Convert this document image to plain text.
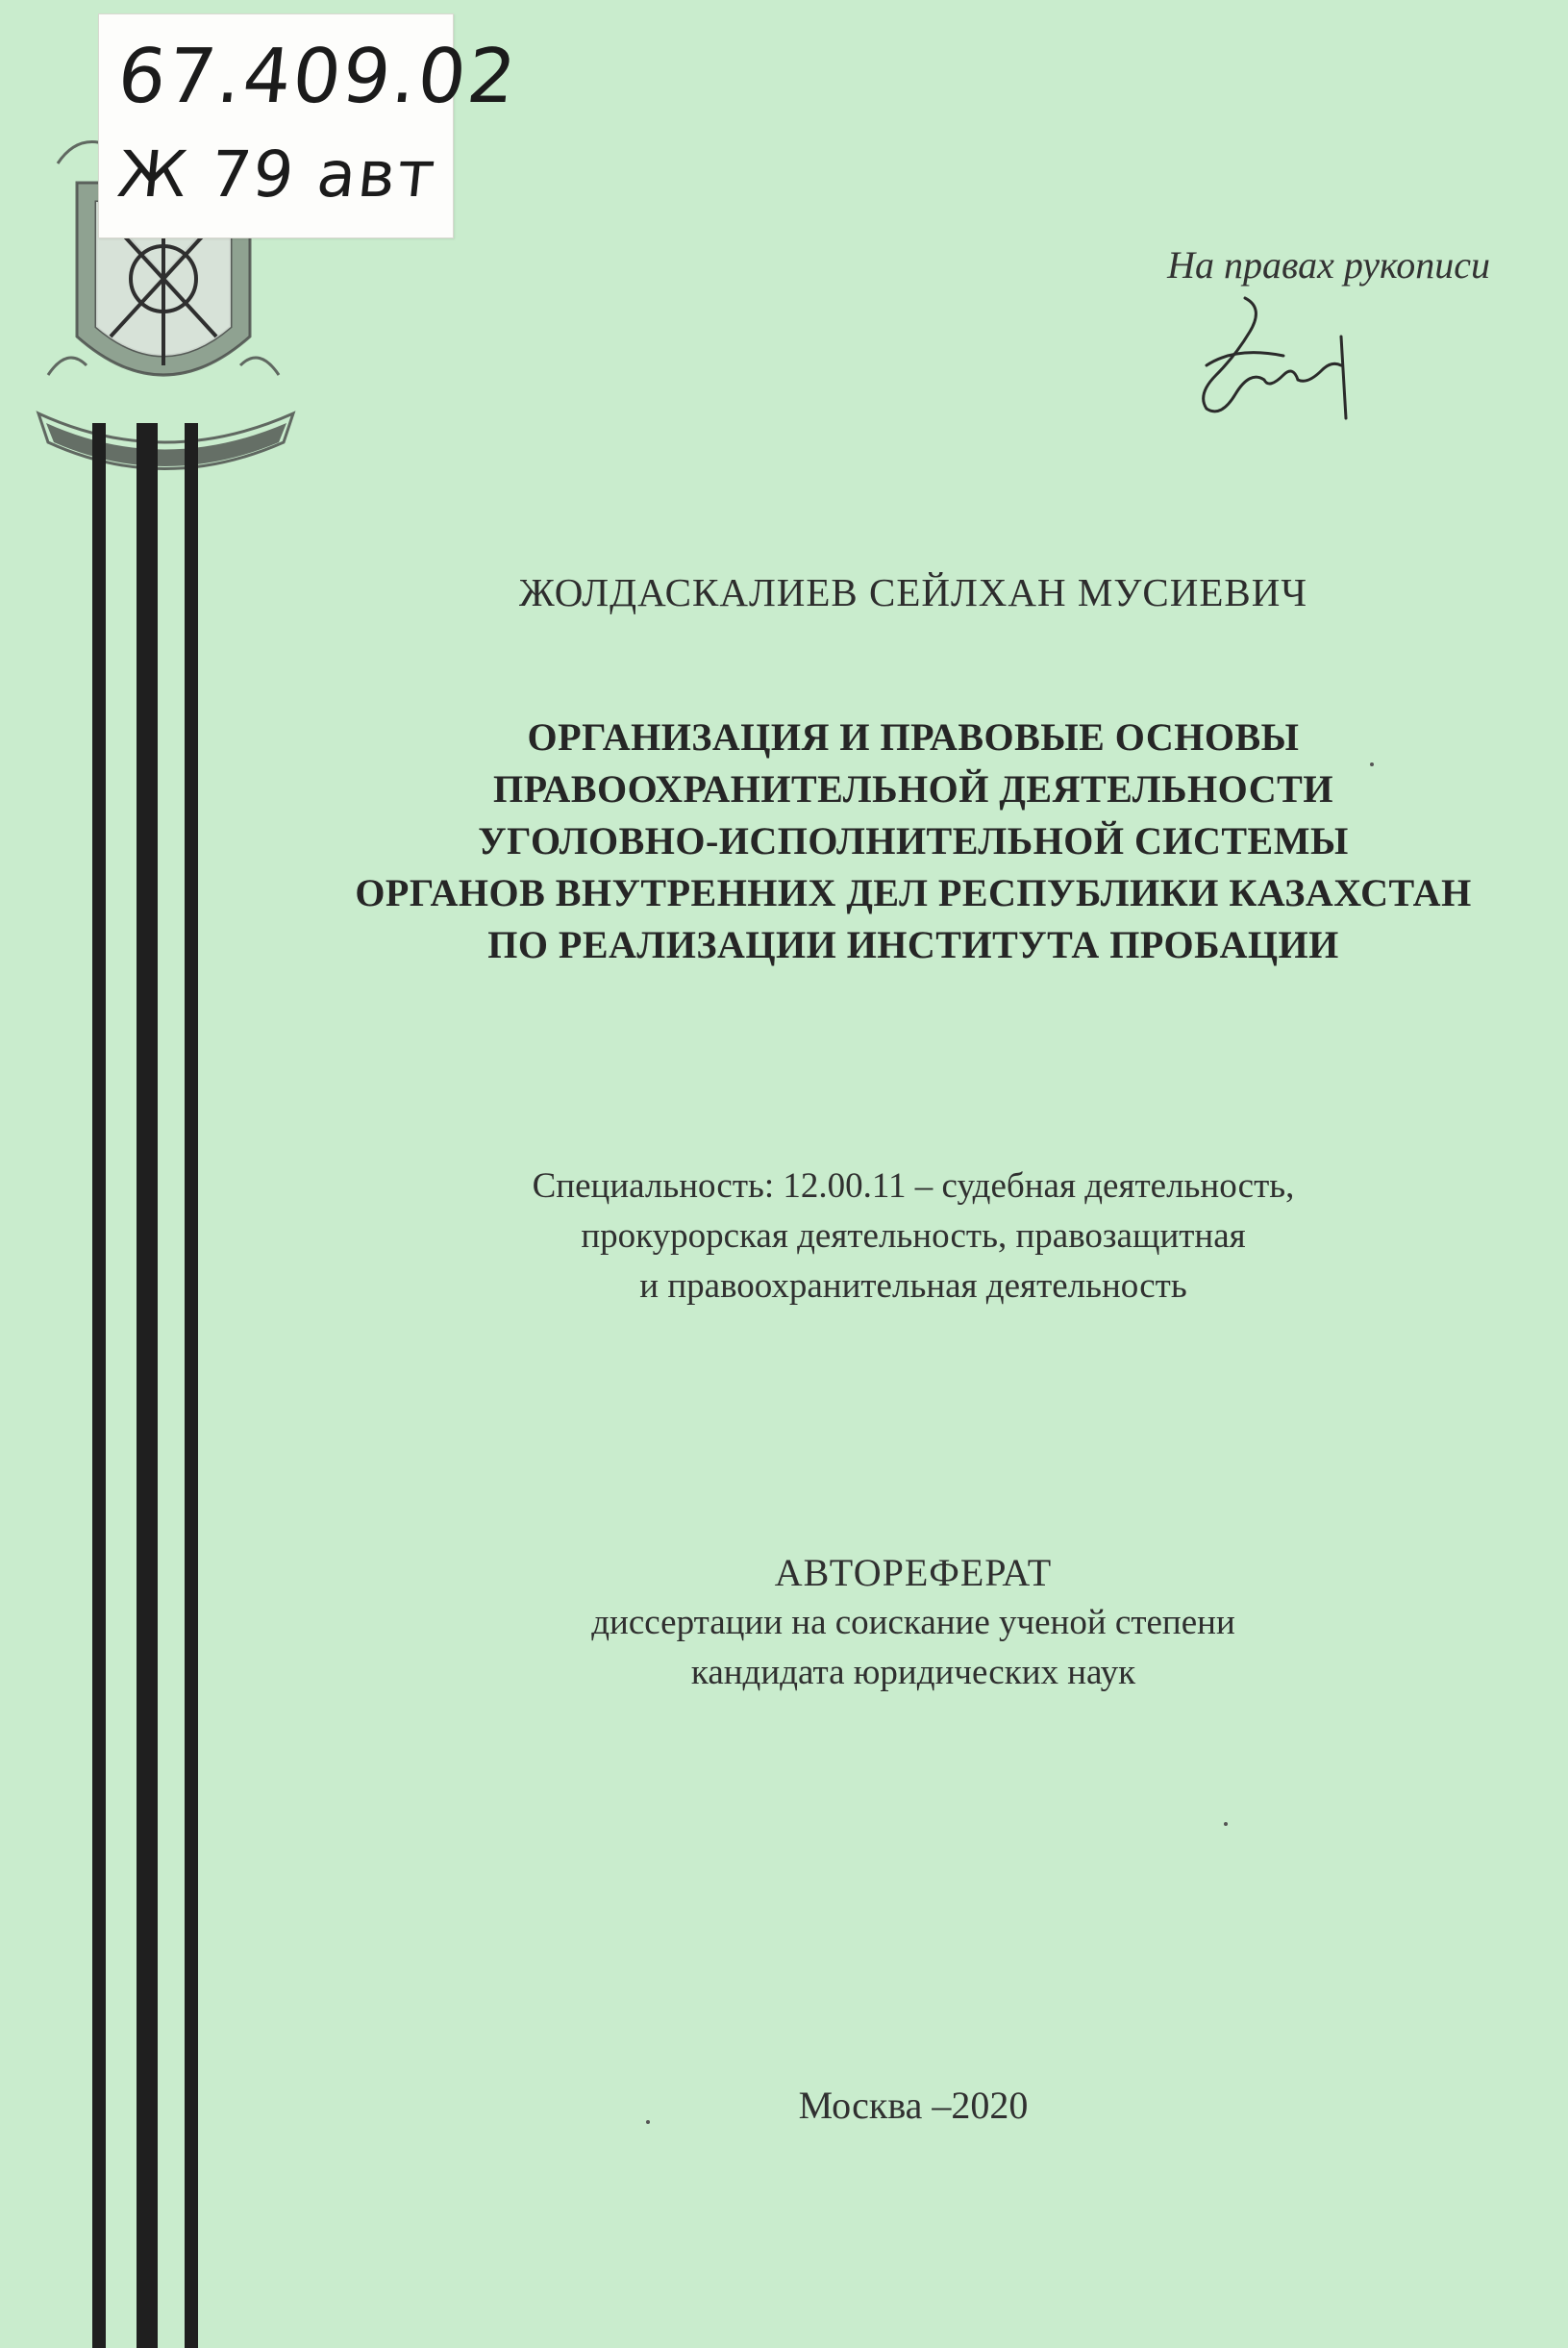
67.409.02
Ж 79 авт
На правах рукописи
ЖОЛДАСКАЛИЕВ СЕЙЛХАН МУСИЕВИЧ
ОРГАНИЗАЦИЯ И ПРАВОВЫЕ ОСНОВЫ
ПРАВООХРАНИТЕЛЬНОЙ ДЕЯТЕЛЬНОСТИ
УГОЛОВНО-ИСПОЛНИТЕЛЬНОЙ СИСТЕМЫ
ОРГАНОВ ВНУТРЕННИХ ДЕЛ РЕСПУБЛИКИ КАЗАХСТАН
ПО РЕАЛИЗАЦИИ ИНСТИТУТА ПРОБАЦИИ
Специальность: 12.00.11 – судебная деятельность,
прокурорская деятельность, правозащитная
и правоохранительная деятельность
АВТОРЕФЕРАТ
диссертации на соискание ученой степени
кандидата юридических наук
Москва –2020
